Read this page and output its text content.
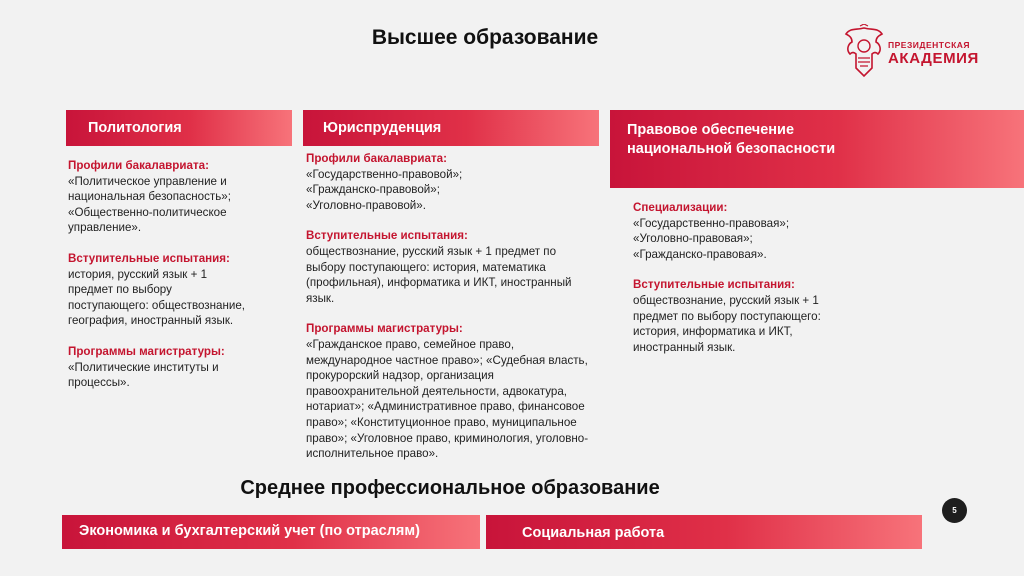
Высшее образование	ПРЕЗИДЕНТСКАЯ
АКАДЕМИЯ
Политология	Юриспруденция	Правовое обеспечение национальной безопасности
Профили бакалавриата:
«Политическое управление и национальная безопасность»; «Общественно-политическое управление».
Вступительные испытания:
история, русский язык + 1 предмет по выбору поступающего: обществознание, география, иностранный язык.
Программы магистратуры:
«Политические институты и процессы».
Профили бакалавриата:
«Государственно-правовой»; «Гражданско-правовой»; «Уголовно-правовой».
Вступительные испытания:
обществознание, русский язык + 1 предмет по выбору поступающего: история, математика (профильная), информатика и ИКТ, иностранный язык.
Программы магистратуры:
«Гражданское право, семейное право, международное частное право»; «Судебная власть, прокурорский надзор, организация правоохранительной деятельности, адвокатура, нотариат»; «Административное право, финансовое право»; «Конституционное право, муниципальное право»; «Уголовное право, криминология, уголовно-исполнительное право».
Специализации:
«Государственно-правовая»; «Уголовно-правовая»; «Гражданско-правовая».
Вступительные испытания:
обществознание, русский язык + 1 предмет по выбору поступающего: история, информатика и ИКТ, иностранный язык.
Среднее профессиональное образование
5
Экономика и бухгалтерский учет (по отраслям)	Социальная работа
